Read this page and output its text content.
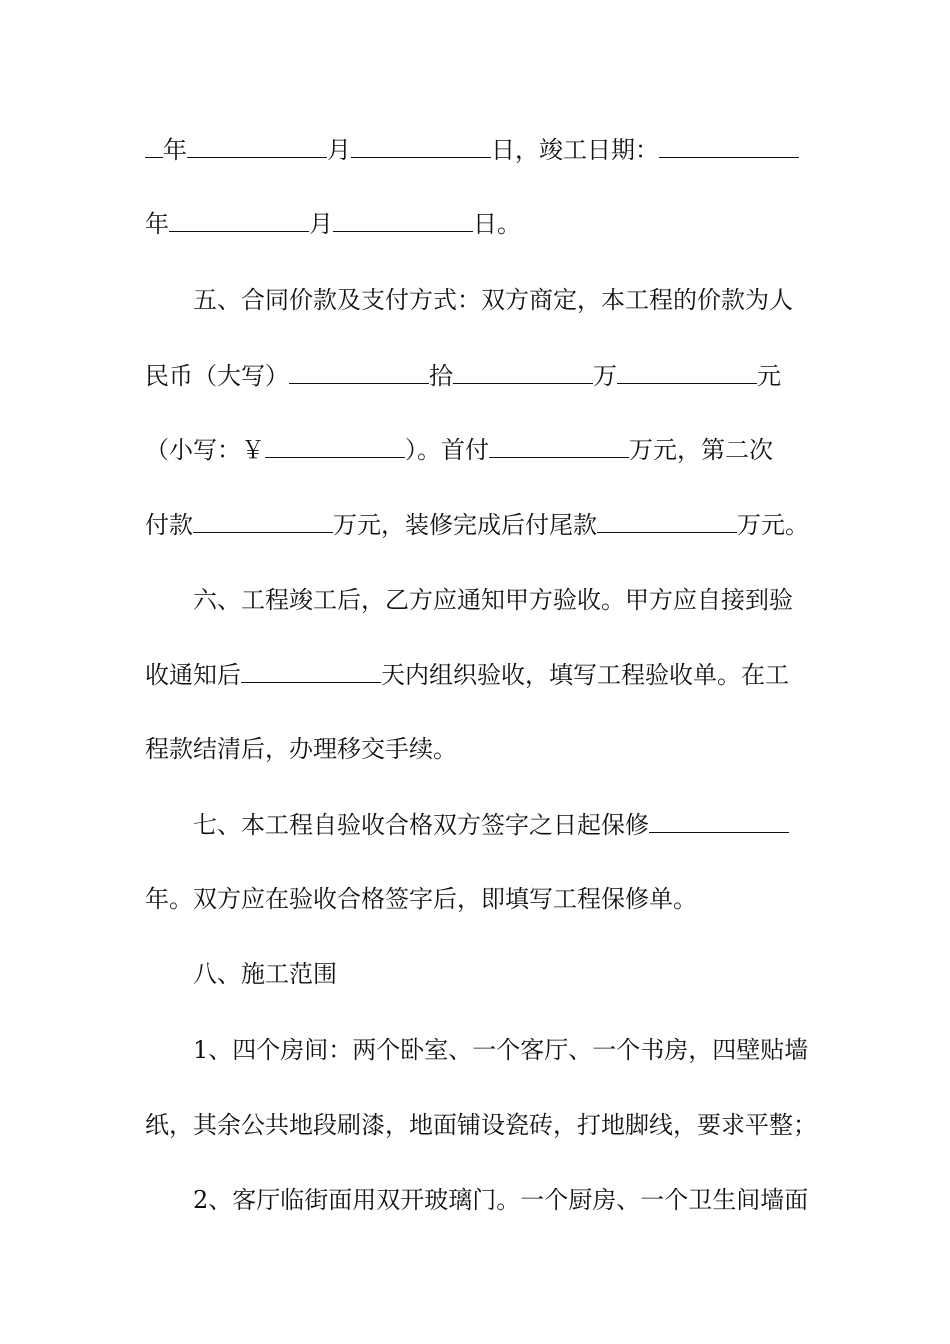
年	月	日，竣工日期：
年	月	日。
　　五、合同价款及支付方式：双方商定，本工程的价款为人
民币（大写）	拾	万	元
（小写：￥	）。首付	万元，第二次
付款	万元，装修完成后付尾款	万元。
　　六、工程竣工后，乙方应通知甲方验收。甲方应自接到验
收通知后	天内组织验收，填写工程验收单。在工
程款结清后，办理移交手续。
　　七、本工程自验收合格双方签字之日起保修
年。双方应在验收合格签字后，即填写工程保修单。
　　八、施工范围
　　1、四个房间：两个卧室、一个客厅、一个书房，四壁贴墙
纸，其余公共地段刷漆，地面铺设瓷砖，打地脚线，要求平整；
　　2、客厅临街面用双开玻璃门。一个厨房、一个卫生间墙面
